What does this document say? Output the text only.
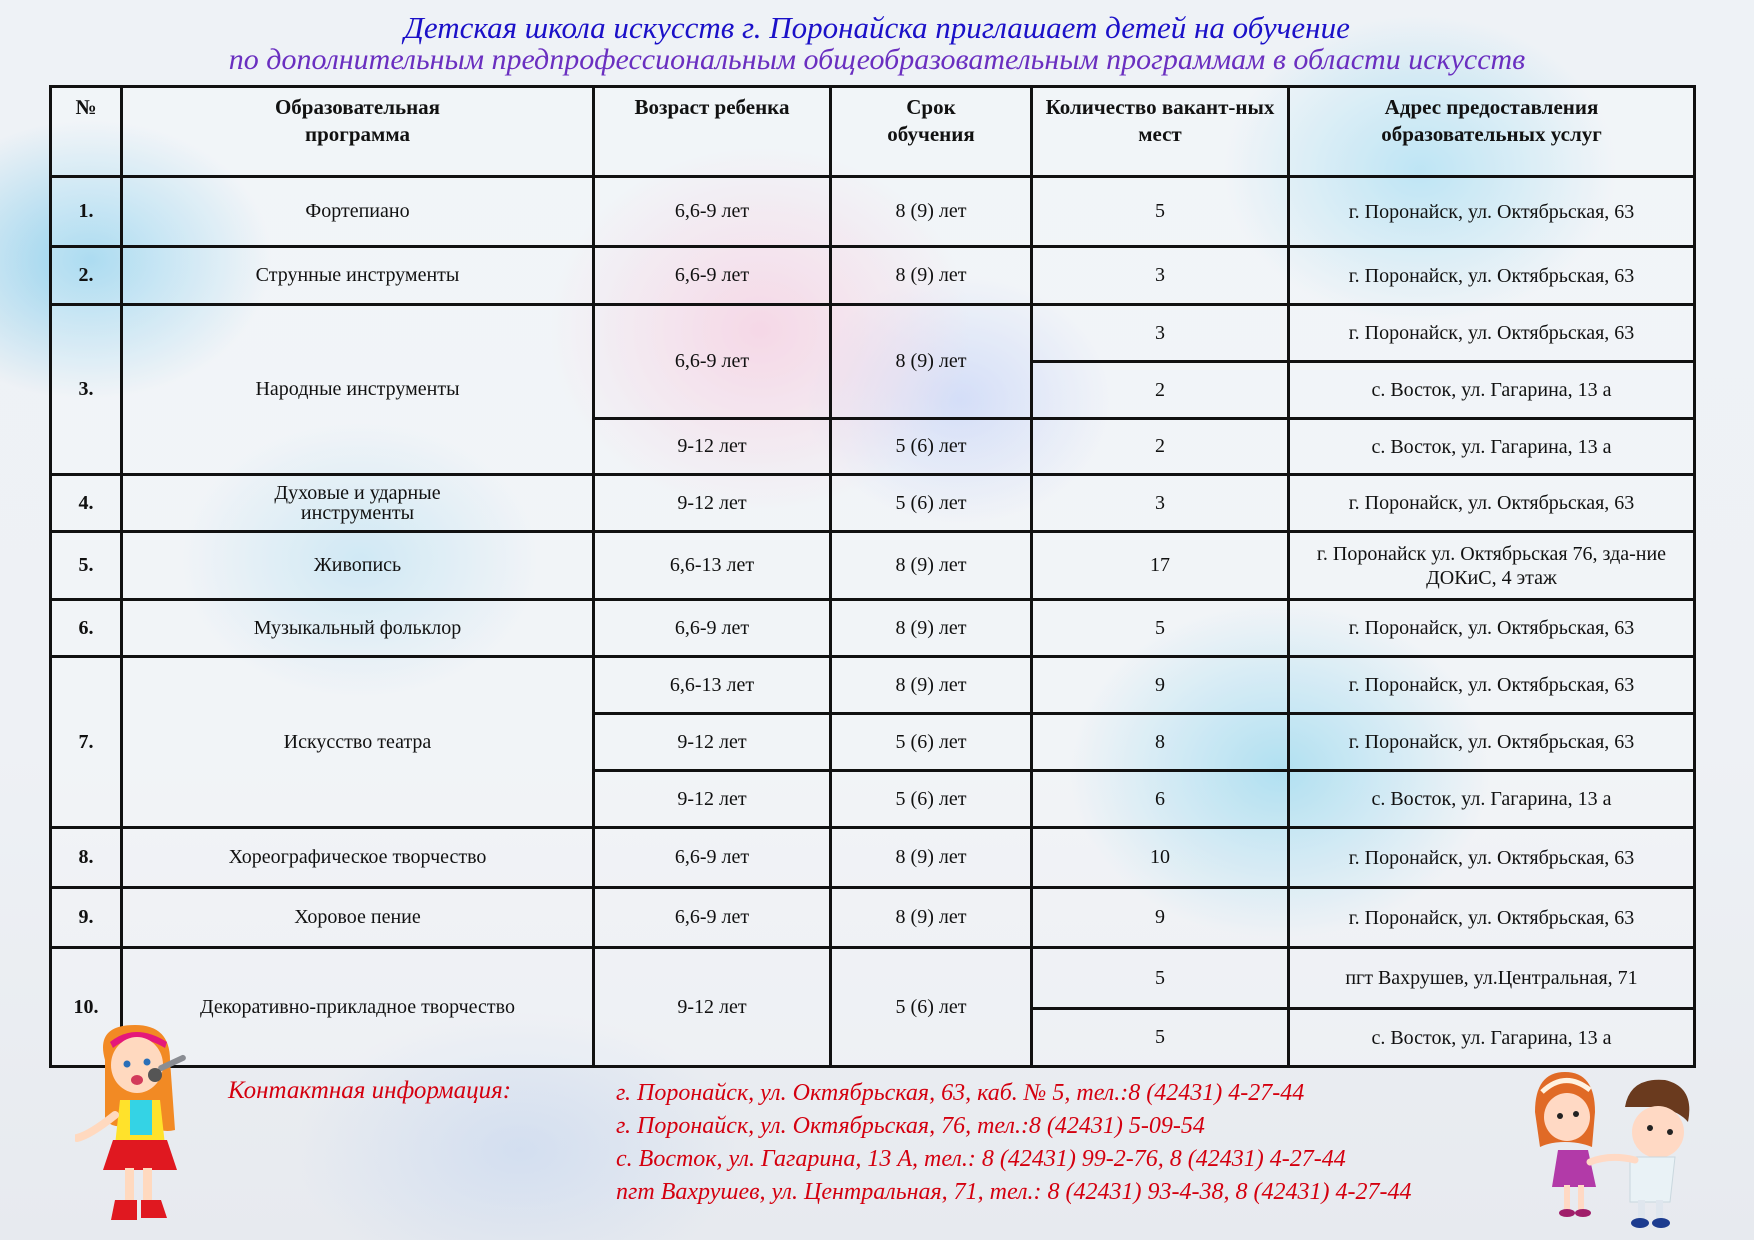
Детская школа искусств г. Поронайска приглашает детей на обучение
по дополнительным предпрофессиональным общеобразовательным программам в области искусств
№	Образовательная программа	Возраст ребенка	Срок обучения	Количество вакант-ных мест	Адрес предоставления образовательных услуг
1.	Фортепиано	6,6-9 лет	8 (9) лет	5	г. Поронайск, ул. Октябрьская, 63
2.	Струнные инструменты	6,6-9 лет	8 (9) лет	3	г. Поронайск, ул. Октябрьская, 63
3.	Народные инструменты	6,6-9 лет	8 (9) лет	3	г. Поронайск, ул. Октябрьская, 63
				2	с. Восток, ул. Гагарина, 13 а
		9-12 лет	5 (6) лет	2	с. Восток, ул. Гагарина, 13 а
4.	Духовые и ударные инструменты	9-12 лет	5 (6) лет	3	г. Поронайск, ул. Октябрьская, 63
5.	Живопись	6,6-13 лет	8 (9) лет	17	г. Поронайск ул. Октябрьская 76, зда-ние ДОКиС, 4 этаж
6.	Музыкальный фольклор	6,6-9 лет	8 (9) лет	5	г. Поронайск, ул. Октябрьская, 63
7.	Искусство театра	6,6-13 лет	8 (9) лет	9	г. Поронайск, ул. Октябрьская, 63
		9-12 лет	5 (6) лет	8	г. Поронайск, ул. Октябрьская, 63
		9-12 лет	5 (6) лет	6	с. Восток, ул. Гагарина, 13 а
8.	Хореографическое творчество	6,6-9 лет	8 (9) лет	10	г. Поронайск, ул. Октябрьская, 63
9.	Хоровое пение	6,6-9 лет	8 (9) лет	9	г. Поронайск, ул. Октябрьская, 63
10.	Декоративно-прикладное творчество	9-12 лет	5 (6) лет	5	пгт Вахрушев, ул.Центральная, 71
				5	с. Восток, ул. Гагарина, 13 а
Контактная информация:	г. Поронайск, ул. Октябрьская, 63, каб. № 5, тел.:8 (42431) 4-27-44
г. Поронайск, ул. Октябрьская, 76, тел.:8 (42431) 5-09-54
с. Восток, ул. Гагарина, 13 А, тел.: 8 (42431) 99-2-76, 8 (42431) 4-27-44
пгт Вахрушев, ул. Центральная, 71, тел.: 8 (42431) 93-4-38, 8 (42431) 4-27-44
